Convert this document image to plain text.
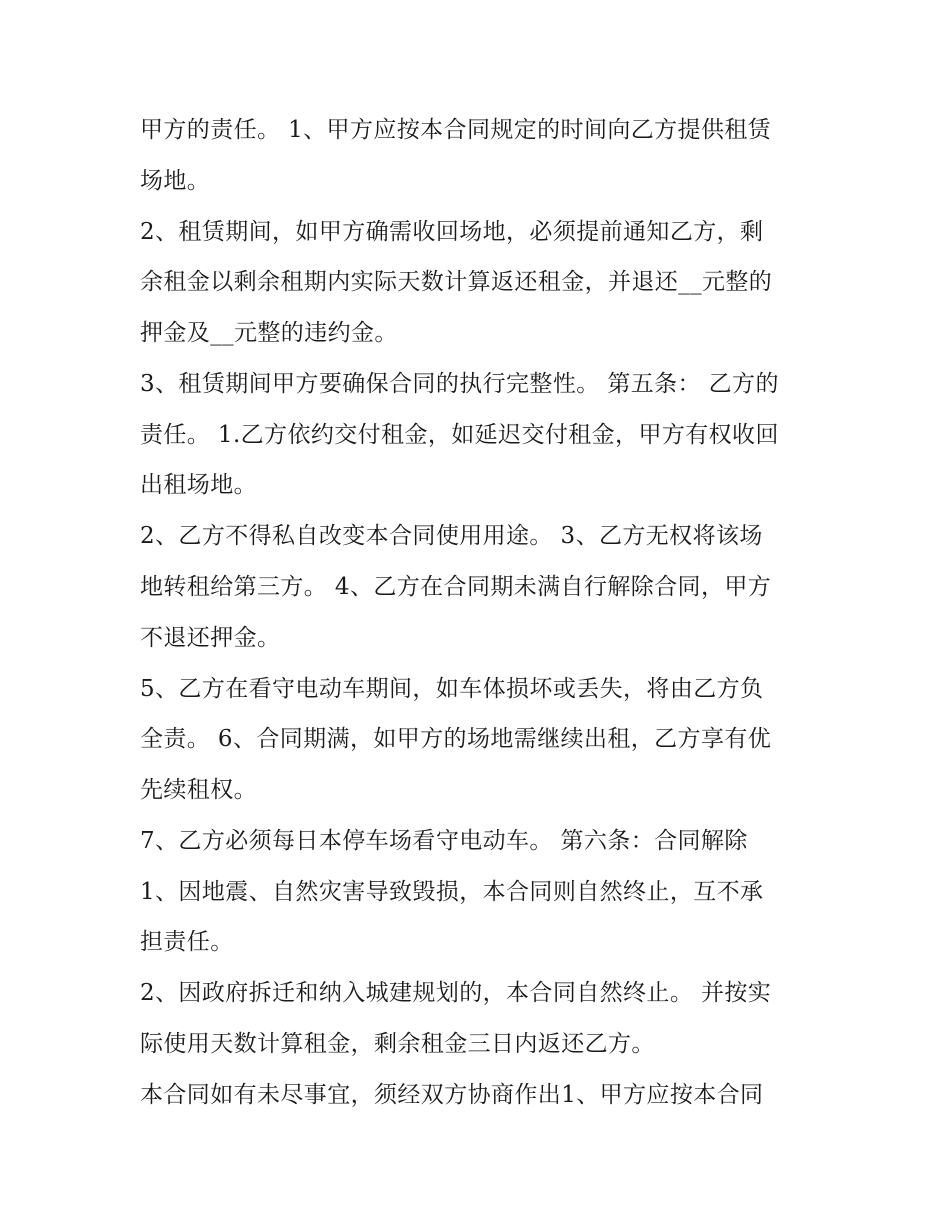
甲方的责任。 1、甲方应按本合同规定的时间向乙方提供租赁
场地。
2、租赁期间，如甲方确需收回场地，必须提前通知乙方，剩
余租金以剩余租期内实际天数计算返还租金，并退还__元整的
押金及__元整的违约金。
3、租赁期间甲方要确保合同的执行完整性。 第五条： 乙方的
责任。 1.乙方依约交付租金，如延迟交付租金，甲方有权收回
出租场地。
2、乙方不得私自改变本合同使用用途。 3、乙方无权将该场
地转租给第三方。 4、乙方在合同期未满自行解除合同，甲方
不退还押金。
5、乙方在看守电动车期间，如车体损坏或丢失，将由乙方负
全责。 6、合同期满，如甲方的场地需继续出租，乙方享有优
先续租权。
7、乙方必须每日本停车场看守电动车。 第六条：合同解除
1、因地震、自然灾害导致毁损，本合同则自然终止，互不承
担责任。
2、因政府拆迁和纳入城建规划的，本合同自然终止。 并按实
际使用天数计算租金，剩余租金三日内返还乙方。
本合同如有未尽事宜，须经双方协商作出1、甲方应按本合同
